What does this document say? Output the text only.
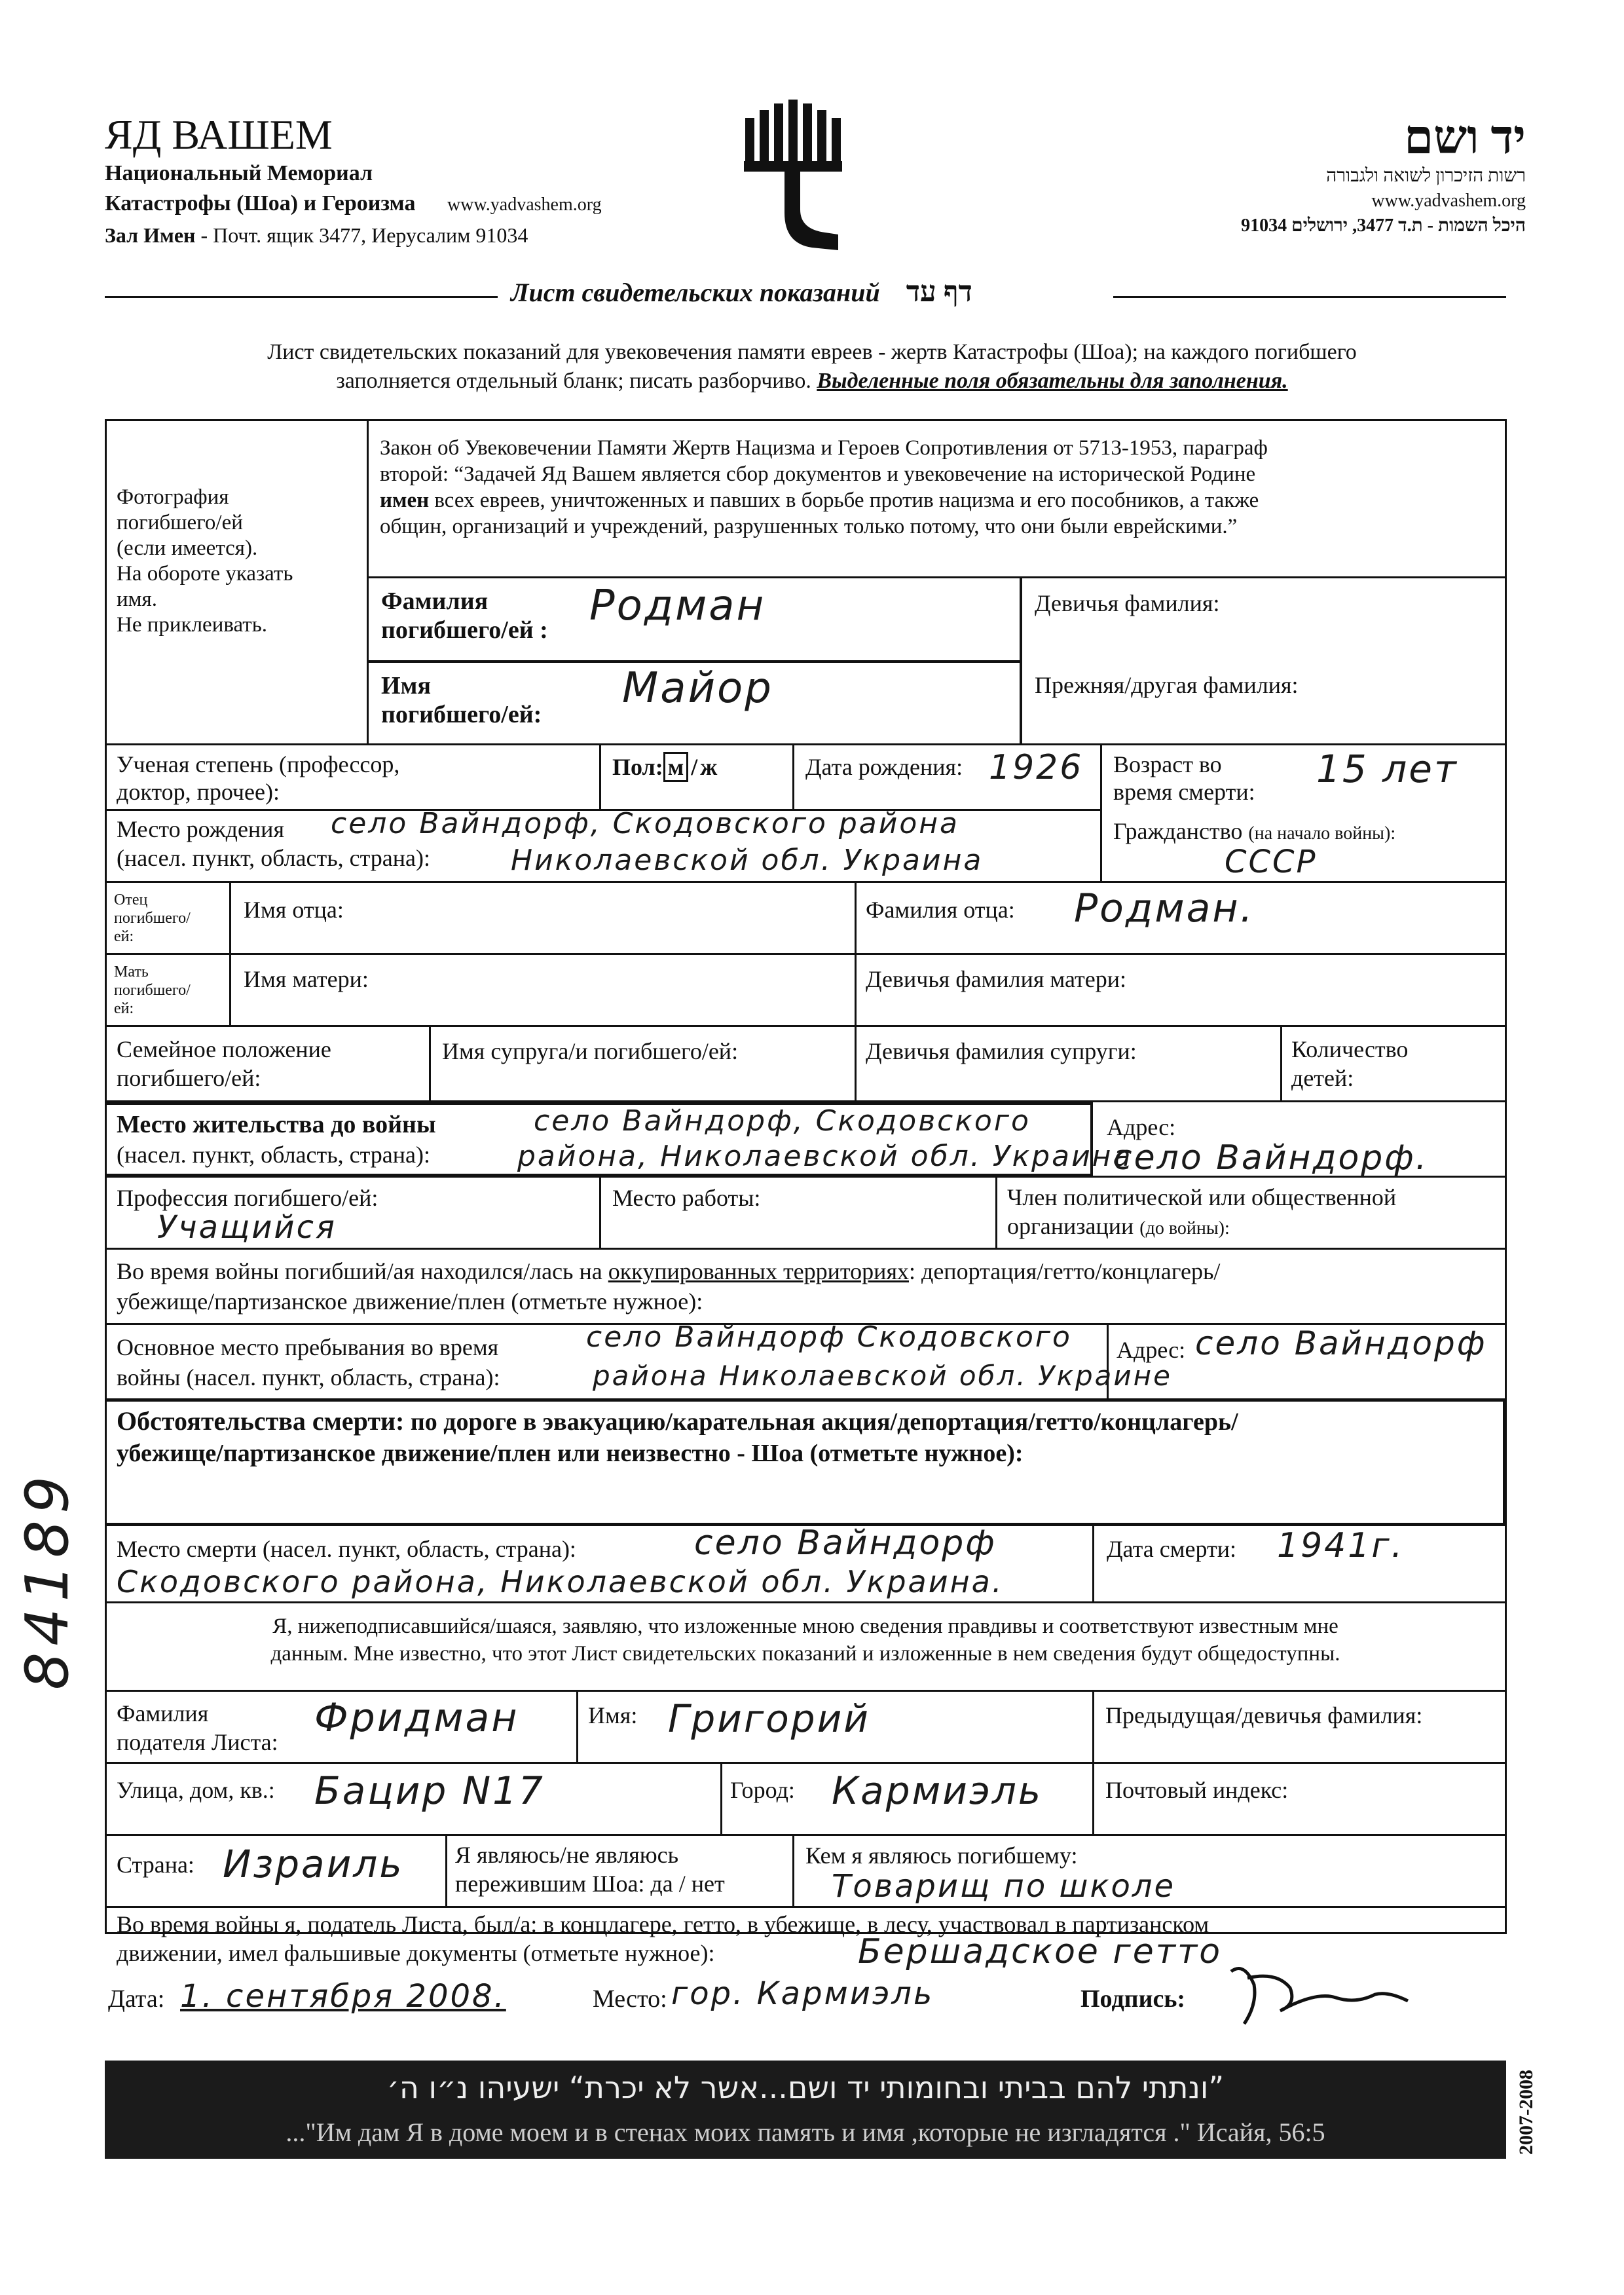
ЯД ВАШЕМ
Национальный Мемориал
Катастрофы (Шоа) и Героизма www.yadvashem.org
Зал Имен - Почт. ящик 3477, Иерусалим 91034
יד ושם
רשות הזיכרון לשואה ולגבורה
www.yadvashem.org
היכל השמות - ת.ד 3477, ירושלים 91034
Лист свидетельских показаний דף עד
Лист свидетельских показаний для увековечения памяти евреев - жертв Катастрофы (Шоа); на каждого погибшего
заполняется отдельный бланк; писать разборчиво. Выделенные поля обязательны для заполнения.
Фотография
погибшего/ей
(если имеется).
На обороте указать
имя.
Не приклеивать.
Закон об Увековечении Памяти Жертв Нацизма и Героев Сопротивления от 5713-1953, параграф
второй: “Задачей Яд Вашем является сбор документов и увековечение на исторической Родине
имен всех евреев, уничтоженных и павших в борьбе против нацизма и его пособников, а также
общин, организаций и учреждений, разрушенных только потому, что они были еврейскими.”
Фамилия
погибшего/ей : Родман	Девичья фамилия:
Имя
погибшего/ей:
Майор	Прежняя/другая фамилия:
Ученая степень (профессор,
доктор, прочее):
Пол: м / ж	Дата рождения: 1926 Возраст во
время смерти:
15 лет
Место рождения
(насел. пункт, область, страна):
село Вайндорф, Скодовского района
Николаевской обл. Украина
Гражданство (на начало войны):
СССР
Отец
погибшего/
ей:
Имя отца:	Фамилия отца: Родман.
Мать
погибшего/
ей:
Имя матери:	Девичья фамилия матери:
Семейное положение
погибшего/ей:
Имя супруга/и погибшего/ей:	Девичья фамилия супруги:	Количество
детей:
Место жительства до войны
(насел. пункт, область, страна):
село Вайндорф, Скодовского
района, Николаевской обл. Украина
Адрес:
село Вайндорф.
Профессия погибшего/ей:
Учащийся
Место работы:	Член политической или общественной
организации (до войны):
Во время войны погибший/ая находился/лась на оккупированных территориях: депортация/гетто/концлагерь/
убежище/партизанское движение/плен (отметьте нужное):
Основное место пребывания во время
войны (насел. пункт, область, страна):
село Вайндорф Скодовского
района Николаевской обл. Украине
Адрес: село Вайндорф
Обстоятельства смерти: по дороге в эвакуацию/карательная акция/депортация/гетто/концлагерь/
убежище/партизанское движение/плен или неизвестно - Шоа (отметьте нужное):
Место смерти (насел. пункт, область, страна):	село Вайндорф
Скодовского района, Николаевской обл. Украина.
Дата смерти: 1941г.
Я, нижеподписавшийся/шаяся, заявляю, что изложенные мною сведения правдивы и соответствуют известным мне
данным. Мне известно, что этот Лист свидетельских показаний и изложенные в нем сведения будут общедоступны.
Фамилия
подателя Листа:
Фридман	Имя: Григорий	Предыдущая/девичья фамилия:
Улица, дом, кв.: Бацир N17	Город: Кармиэль	Почтовый индекс:
Страна: Израиль Я являюсь/не являюсь
пережившим Шоа: да / нет
Кем я являюсь погибшему:
Товарищ по школе
Во время войны я, податель Листа, был/а: в концлагере, гетто, в убежище, в лесу, участвовал в партизанском
движении, имел фальшивые документы (отметьте нужное):	Бершадское гетто
Дата: 1. сентября 2008.	Место: гор. Кармиэль	Подпись:
”ונתתי להם בביתי ובחומותי יד ושם...אשר לא יכרת“ ישעיהו נ״ו ה׳
..."Им дам Я в доме моем и в стенах моих память и имя ,которые не изгладятся ." Исайя, 56:5
84189
2007-2008
